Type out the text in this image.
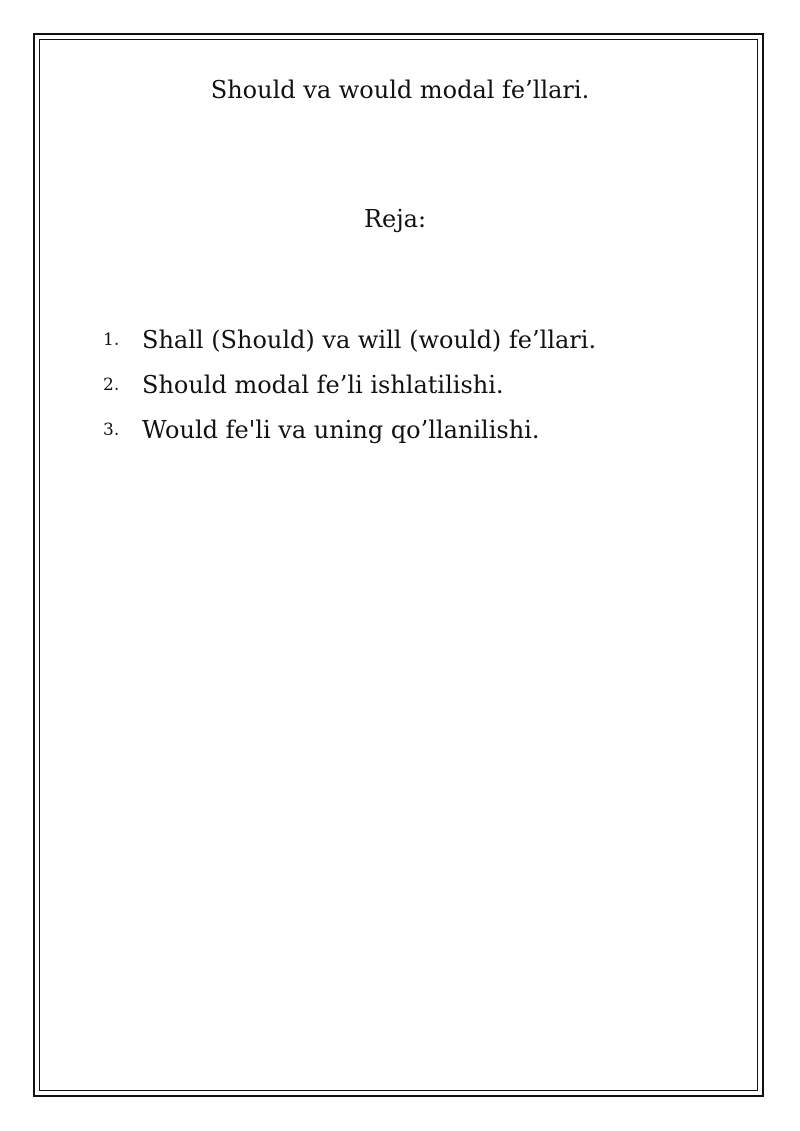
Should va would modal fe’llari.
Reja:
1. Shall (Should) va will (would) fe’llari.
2. Should modal fe’li ishlatilishi.
3. Would fe'li va uning qo’llanilishi.
